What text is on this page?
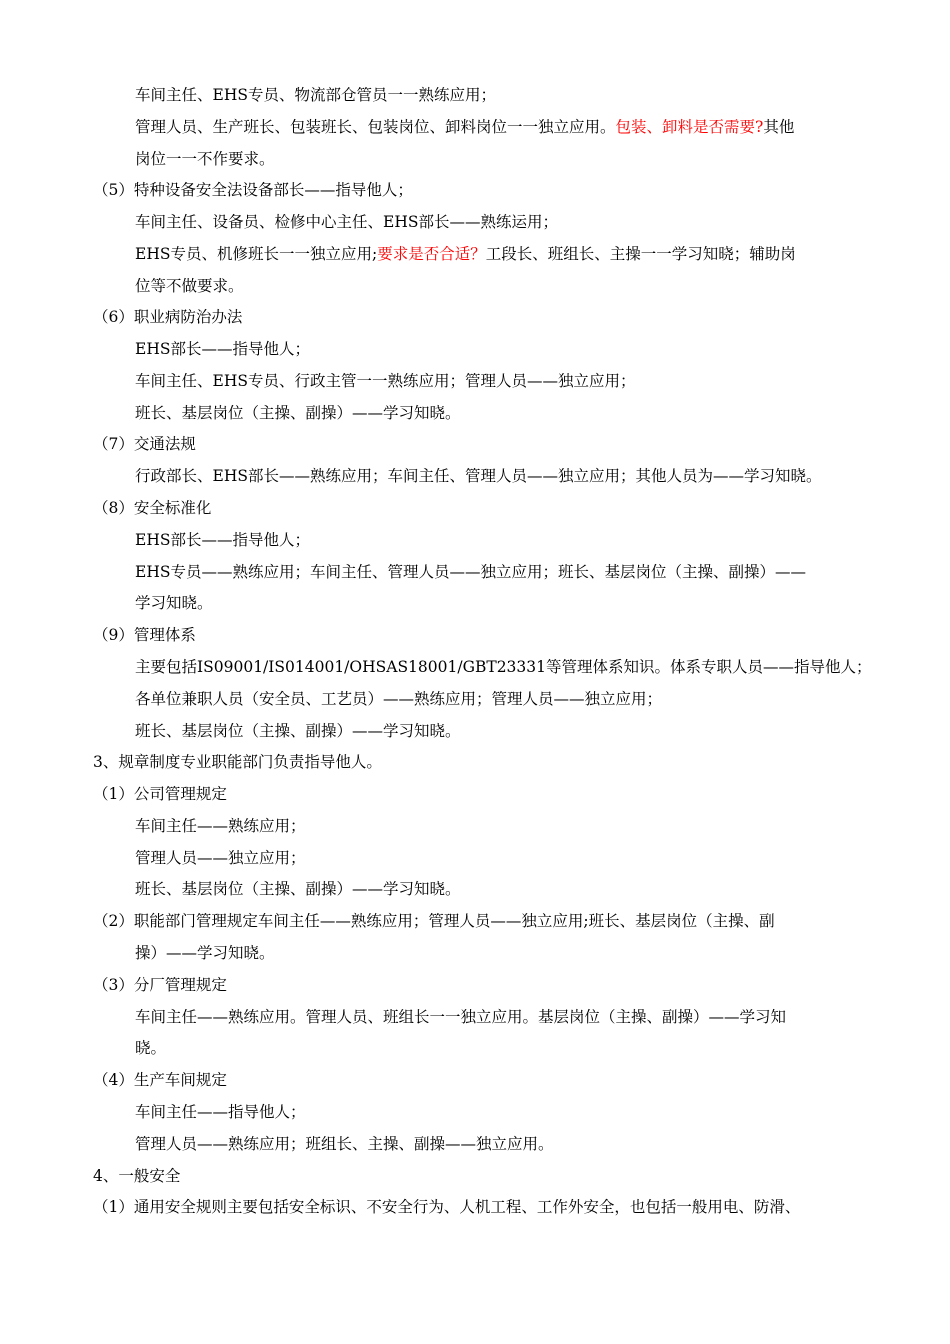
车间主任、EHS专员、物流部仓管员一一熟练应用；
管理人员、生产班长、包装班长、包装岗位、卸料岗位一一独立应用。包装、卸料是否需要?其他
岗位一一不作要求。
（5）特种设备安全法设备部长——指导他人；
车间主任、设备员、检修中心主任、EHS部长——熟练运用；
EHS专员、机修班长一一独立应用;要求是否合适？工段长、班组长、主操一一学习知晓；辅助岗
位等不做要求。
（6）职业病防治办法
EHS部长——指导他人；
车间主任、EHS专员、行政主管一一熟练应用；管理人员——独立应用；
班长、基层岗位（主操、副操）——学习知晓。
（7）交通法规
行政部长、EHS部长——熟练应用；车间主任、管理人员——独立应用；其他人员为——学习知晓。
（8）安全标准化
EHS部长——指导他人；
EHS专员——熟练应用；车间主任、管理人员——独立应用；班长、基层岗位（主操、副操）——
学习知晓。
（9）管理体系
主要包括IS09001/IS014001/OHSAS18001/GBT23331等管理体系知识。体系专职人员——指导他人；
各单位兼职人员（安全员、工艺员）——熟练应用；管理人员——独立应用；
班长、基层岗位（主操、副操）——学习知晓。
3、规章制度专业职能部门负责指导他人。
（1）公司管理规定
车间主任——熟练应用；
管理人员——独立应用；
班长、基层岗位（主操、副操）——学习知晓。
（2）职能部门管理规定车间主任——熟练应用；管理人员——独立应用;班长、基层岗位（主操、副
操）——学习知晓。
（3）分厂管理规定
车间主任——熟练应用。管理人员、班组长一一独立应用。基层岗位（主操、副操）——学习知
晓。
（4）生产车间规定
车间主任——指导他人；
管理人员——熟练应用；班组长、主操、副操——独立应用。
4、一般安全
（1）通用安全规则主要包括安全标识、不安全行为、人机工程、工作外安全，也包括一般用电、防滑、
